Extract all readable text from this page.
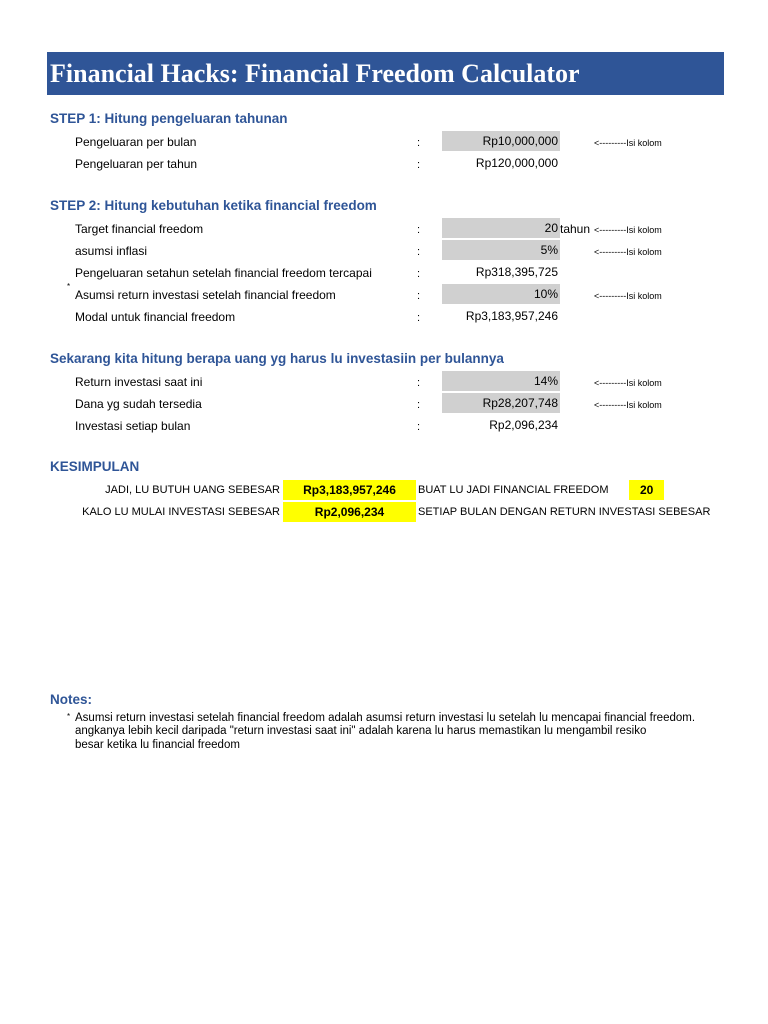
Financial Hacks: Financial Freedom Calculator
STEP 1: Hitung pengeluaran tahunan
Pengeluaran per bulan	:	Rp10,000,000	<---------Isi kolom
Pengeluaran per tahun	:	Rp120,000,000
STEP 2: Hitung kebutuhan ketika financial freedom
Target financial freedom	:	20 tahun <---------Isi kolom
asumsi inflasi	:	5%	<---------Isi kolom
Pengeluaran setahun setelah financial freedom tercapai	:	Rp318,395,725
*
Asumsi return investasi setelah financial freedom	:	10%	<---------Isi kolom
Modal untuk financial freedom	:	Rp3,183,957,246
Sekarang kita hitung berapa uang yg harus lu investasiin per bulannya
Return investasi saat ini	:	14%	<---------Isi kolom
Dana yg sudah tersedia	:	Rp28,207,748	<---------Isi kolom
Investasi setiap bulan	:	Rp2,096,234
KESIMPULAN
JADI, LU BUTUH UANG SEBESAR	Rp3,183,957,246	BUAT LU JADI FINANCIAL FREEDOM	20
KALO LU MULAI INVESTASI SEBESAR	Rp2,096,234	SETIAP BULAN DENGAN RETURN INVESTASI SEBESAR
Notes:
* Asumsi return investasi setelah financial freedom adalah asumsi return investasi lu setelah lu mencapai financial freedom.
angkanya lebih kecil daripada "return investasi saat ini" adalah karena lu harus memastikan lu mengambil resiko
besar ketika lu financial freedom
